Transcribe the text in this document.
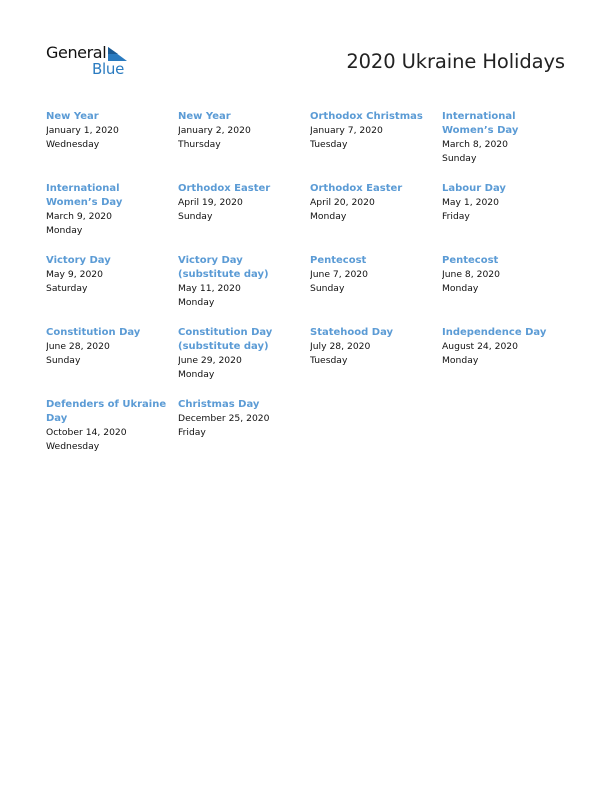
General
Blue	2020 Ukraine Holidays
New Year
January 1, 2020
Wednesday
New Year
January 2, 2020
Thursday
Orthodox Christmas
January 7, 2020
Tuesday
International Women’s Day
March 8, 2020
Sunday
International Women’s Day
March 9, 2020
Monday
Orthodox Easter
April 19, 2020
Sunday
Orthodox Easter
April 20, 2020
Monday
Labour Day
May 1, 2020
Friday
Victory Day
May 9, 2020
Saturday
Victory Day (substitute day)
May 11, 2020
Monday
Pentecost
June 7, 2020
Sunday
Pentecost
June 8, 2020
Monday
Constitution Day
June 28, 2020
Sunday
Constitution Day (substitute day)
June 29, 2020
Monday
Statehood Day
July 28, 2020
Tuesday
Independence Day
August 24, 2020
Monday
Defenders of Ukraine Day
October 14, 2020
Wednesday
Christmas Day
December 25, 2020
Friday
